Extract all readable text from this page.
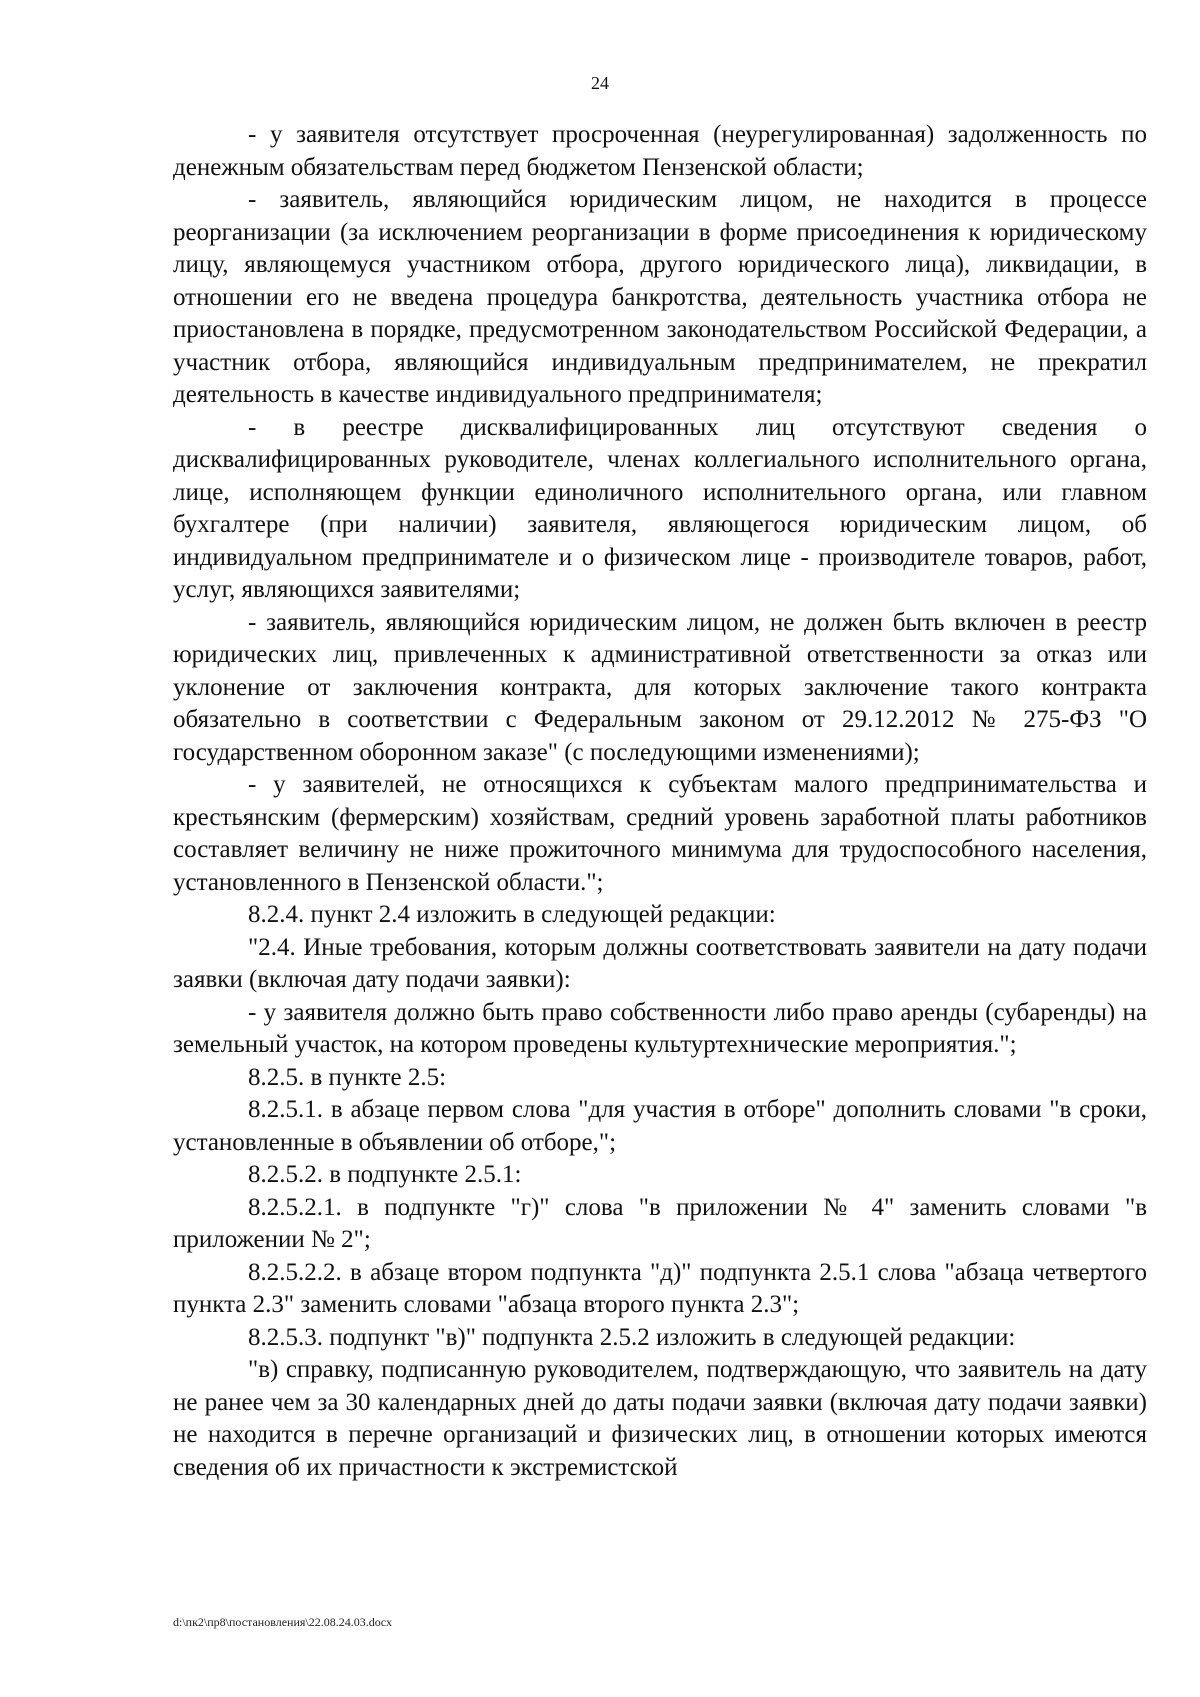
24

- у заявителя отсутствует просроченная (неурегулированная) задолженность по денежным обязательствам перед бюджетом Пензенской области;

- заявитель, являющийся юридическим лицом, не находится в процессе реорганизации (за исключением реорганизации в форме присоединения к юридическому лицу, являющемуся участником отбора, другого юридического лица), ликвидации, в отношении его не введена процедура банкротства, деятельность участника отбора не приостановлена в порядке, предусмотренном законодательством Российской Федерации, а участник отбора, являющийся индивидуальным предпринимателем, не прекратил деятельность в качестве индивидуального предпринимателя;

- в реестре дисквалифицированных лиц отсутствуют сведения о дисквалифицированных руководителе, членах коллегиального исполнительного органа, лице, исполняющем функции единоличного исполнительного органа, или главном бухгалтере (при наличии) заявителя, являющегося юридическим лицом, об индивидуальном предпринимателе и о физическом лице - производителе товаров, работ, услуг, являющихся заявителями;

- заявитель, являющийся юридическим лицом, не должен быть включен в реестр юридических лиц, привлеченных к административной ответственности за отказ или уклонение от заключения контракта, для которых заключение такого контракта обязательно в соответствии с Федеральным законом от 29.12.2012 № 275-ФЗ "О государственном оборонном заказе" (с последующими изменениями);

- у заявителей, не относящихся к субъектам малого предпринимательства и крестьянским (фермерским) хозяйствам, средний уровень заработной платы работников составляет величину не ниже прожиточного минимума для трудоспособного населения, установленного в Пензенской области.";

8.2.4. пункт 2.4 изложить в следующей редакции:

"2.4. Иные требования, которым должны соответствовать заявители на дату подачи заявки (включая дату подачи заявки):

- у заявителя должно быть право собственности либо право аренды (субаренды) на земельный участок, на котором проведены культуртехнические мероприятия.";

8.2.5. в пункте 2.5:

8.2.5.1. в абзаце первом слова "для участия в отборе" дополнить словами "в сроки, установленные в объявлении об отборе,";

8.2.5.2. в подпункте 2.5.1:

8.2.5.2.1. в подпункте "г)" слова "в приложении № 4" заменить словами "в приложении № 2";

8.2.5.2.2. в абзаце втором подпункта "д)" подпункта 2.5.1 слова "абзаца четвертого пункта 2.3" заменить словами "абзаца второго пункта 2.3";

8.2.5.3. подпункт "в)" подпункта 2.5.2 изложить в следующей редакции:

"в) справку, подписанную руководителем, подтверждающую, что заявитель на дату не ранее чем за 30 календарных дней до даты подачи заявки (включая дату подачи заявки) не находится в перечне организаций и физических лиц, в отношении которых имеются сведения об их причастности к экстремистской

d:\пк2\пр8\постановления\22.08.24.03.docx
